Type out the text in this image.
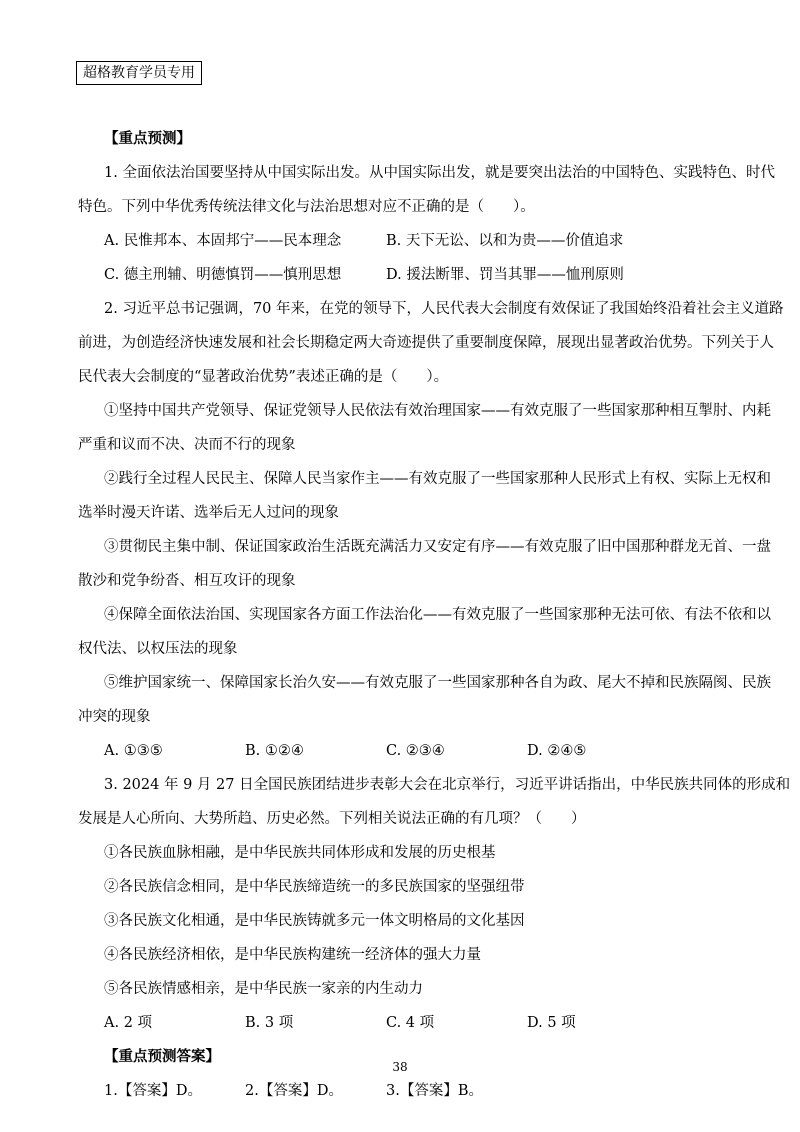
超格教育学员专用
【重点预测】
1. 全面依法治国要坚持从中国实际出发。从中国实际出发，就是要突出法治的中国特色、实践特色、时代
特色。下列中华优秀传统法律文化与法治思想对应不正确的是（　　）。
A. 民惟邦本、本固邦宁——民本理念	B. 天下无讼、以和为贵——价值追求
C. 德主刑辅、明德慎罚——慎刑思想	D. 援法断罪、罚当其罪——恤刑原则
2. 习近平总书记强调，70 年来，在党的领导下，人民代表大会制度有效保证了我国始终沿着社会主义道路
前进，为创造经济快速发展和社会长期稳定两大奇迹提供了重要制度保障，展现出显著政治优势。下列关于人
民代表大会制度的“显著政治优势”表述正确的是（　　）。
①坚持中国共产党领导、保证党领导人民依法有效治理国家——有效克服了一些国家那种相互掣肘、内耗
严重和议而不决、决而不行的现象
②践行全过程人民民主、保障人民当家作主——有效克服了一些国家那种人民形式上有权、实际上无权和
选举时漫天许诺、选举后无人过问的现象
③贯彻民主集中制、保证国家政治生活既充满活力又安定有序——有效克服了旧中国那种群龙无首、一盘
散沙和党争纷沓、相互攻讦的现象
④保障全面依法治国、实现国家各方面工作法治化——有效克服了一些国家那种无法可依、有法不依和以
权代法、以权压法的现象
⑤维护国家统一、保障国家长治久安——有效克服了一些国家那种各自为政、尾大不掉和民族隔阂、民族
冲突的现象
A. ①③⑤	B. ①②④	C. ②③④	D. ②④⑤
3. 2024 年 9 月 27 日全国民族团结进步表彰大会在北京举行，习近平讲话指出，中华民族共同体的形成和
发展是人心所向、大势所趋、历史必然。下列相关说法正确的有几项？（　　）
①各民族血脉相融，是中华民族共同体形成和发展的历史根基
②各民族信念相同，是中华民族缔造统一的多民族国家的坚强纽带
③各民族文化相通，是中华民族铸就多元一体文明格局的文化基因
④各民族经济相依，是中华民族构建统一经济体的强大力量
⑤各民族情感相亲，是中华民族一家亲的内生动力
A. 2 项	B. 3 项	C. 4 项	D. 5 项
【重点预测答案】
1.【答案】D。	2.【答案】D。	3.【答案】B。
38
